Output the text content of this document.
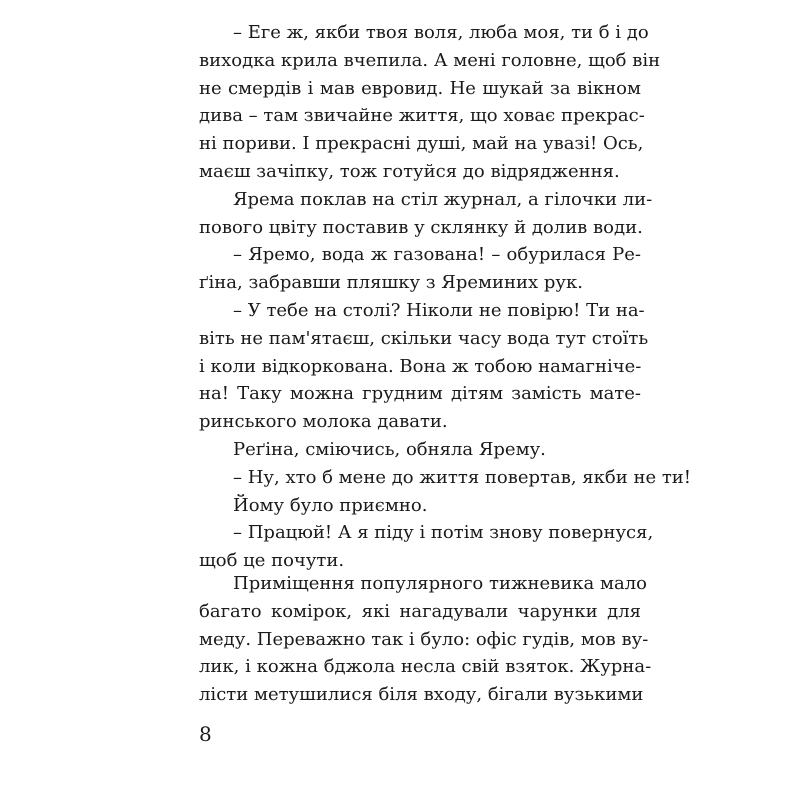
– Еге ж, якби твоя воля, люба моя, ти б і до
виходка крила вчепила. А мені головне, щоб він
не смердів і мав евровид. Не шукай за вікном
дива – там звичайне життя, що ховає прекрас-
ні пориви. І прекрасні душі, май на увазі! Ось,
маєш зачіпку, тож готуйся до відрядження.
Ярема поклав на стіл журнал, а гілочки ли-
пового цвіту поставив у склянку й долив води.
– Яремо, вода ж газована! – обурилася Ре-
ґіна, забравши пляшку з Яреминих рук.
– У тебе на столі? Ніколи не повірю! Ти на-
віть не пам'ятаєш, скільки часу вода тут стоїть
і коли відкоркована. Вона ж тобою намагніче-
на! Таку можна грудним дітям замість мате-
ринського молока давати.
Реґіна, сміючись, обняла Ярему.
– Ну, хто б мене до життя повертав, якби не ти!
Йому було приємно.
– Працюй! А я піду і потім знову повернуся,
щоб це почути.
Приміщення популярного тижневика мало
багато комірок, які нагадували чарунки для
меду. Переважно так і було: офіс гудів, мов ву-
лик, і кожна бджола несла свій взяток. Журна-
лісти метушилися біля входу, бігали вузькими
8
